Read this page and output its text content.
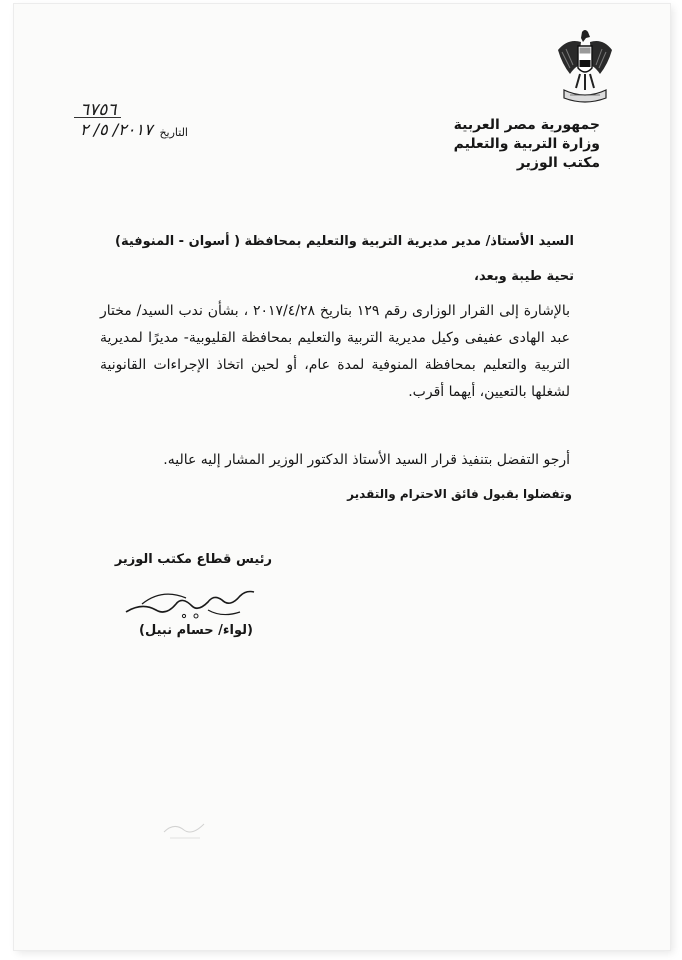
جمهورية مصر العربية
وزارة التربية والتعليم
مكتب الوزير
٦٧٥٦
التاريخ
٢٠١٧/ ٥/ ٢
السيد الأستاذ/ مدير مديرية التربية والتعليم بمحافظة ( أسوان - المنوفية)
تحية طيبة وبعد،
بالإشارة إلى القرار الوزارى رقم ١٢٩ بتاريخ ٢٠١٧/٤/٢٨ ، بشأن ندب السيد/ مختار عبد الهادى عفيفى وكيل مديرية التربية والتعليم بمحافظة القليوبية- مديرًا لمديرية التربية والتعليم بمحافظة المنوفية لمدة عام، أو لحين اتخاذ الإجراءات القانونية لشغلها بالتعيين، أيهما أقرب.
أرجو التفضل بتنفيذ قرار السيد الأستاذ الدكتور الوزير المشار إليه عاليه.
وتفضلوا بقبول فائق الاحترام والتقدير
رئيس قطاع مكتب الوزير
(لواء/ حسام نبيل)
